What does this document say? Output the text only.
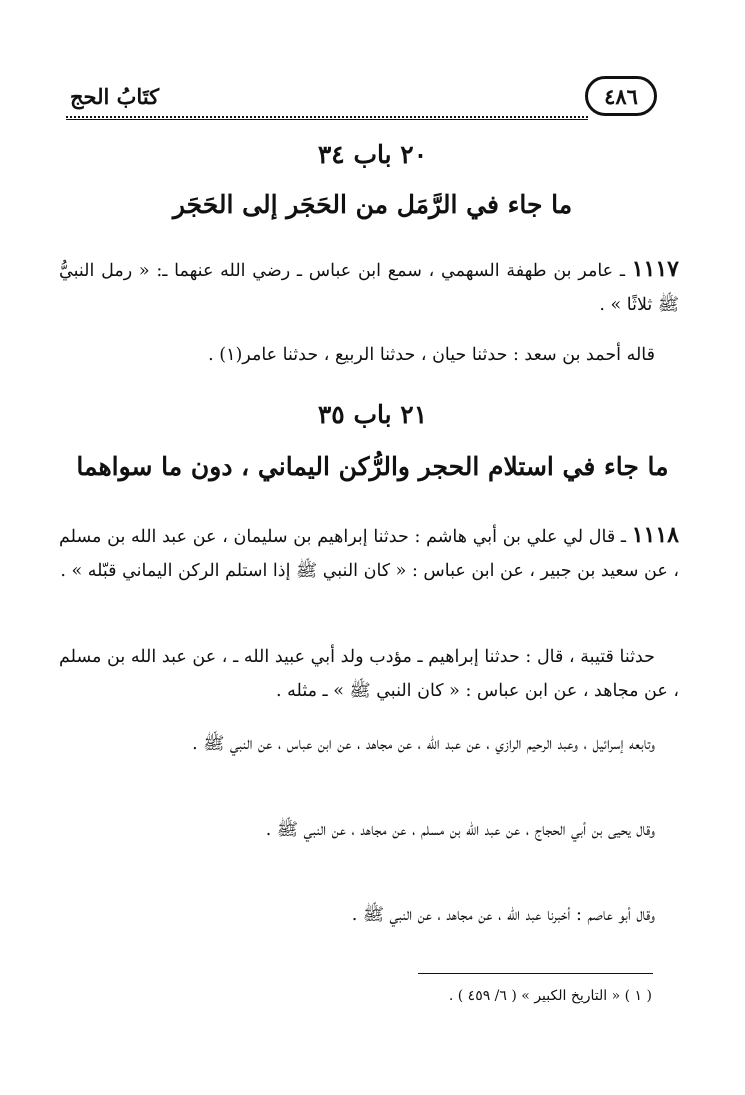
كتَابُ الحج	٤٨٦
٢٠ باب ٣٤
ما جاء في الرَّمَل من الحَجَر إلى الحَجَر
١١١٧ ـ عامر بن طهفة السهمي ، سمع ابن عباس ـ رضي الله عنهما ـ: « رمل النبيُّ ﷺ ثلاثًا » .
قاله أحمد بن سعد : حدثنا حيان ، حدثنا الربيع ، حدثنا عامر(١) .
٢١ باب ٣٥
ما جاء في استلام الحجر والرُّكن اليماني ، دون ما سواهما
١١١٨ ـ قال لي علي بن أبي هاشم : حدثنا إبراهيم بن سليمان ، عن عبد الله بن مسلم ، عن سعيد بن جبير ، عن ابن عباس : « كان النبي ﷺ إذا استلم الركن اليماني قبّله » .
حدثنا قتيبة ، قال : حدثنا إبراهيم ـ مؤدب ولد أبي عبيد الله ـ ، عن عبد الله بن مسلم ، عن مجاهد ، عن ابن عباس : « كان النبي ﷺ » ـ مثله .
وتابعه إسرائيل ، وعبد الرحيم الرازي ، عن عبد الله ، عن مجاهد ، عن ابن عباس ، عن النبي ﷺ .
وقال يحيى بن أبي الحجاج ، عن عبد الله بن مسلم ، عن مجاهد ، عن النبي ﷺ .
وقال أبو عاصم : أخبرنا عبد الله ، عن مجاهد ، عن النبي ﷺ .
( ١ ) « التاريخ الكبير » ( ٦/ ٤٥٩ ) .
